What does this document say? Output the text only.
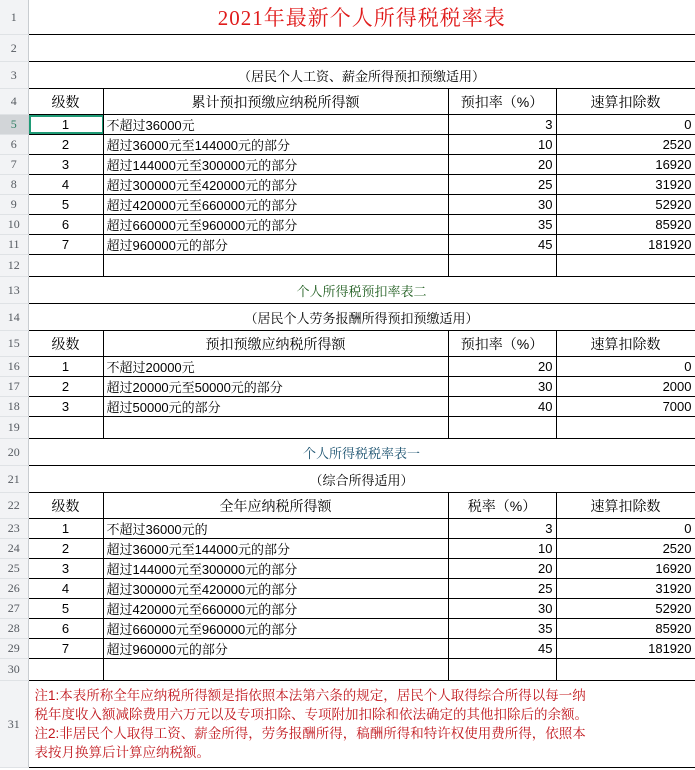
1	2021年最新个人所得税税率表			
2	个人所得税预扣率表一			
3	（居民个人工资、薪金所得预扣预缴适用）			
4	级数	累计预扣预缴应纳税所得额	预扣率（%）	速算扣除数
5	1	不超过36000元	3	0
6	2	超过36000元至144000元的部分	10	2520
7	3	超过144000元至300000元的部分	20	16920
8	4	超过300000元至420000元的部分	25	31920
9	5	超过420000元至660000元的部分	30	52920
10	6	超过660000元至960000元的部分	35	85920
11	7	超过960000元的部分	45	181920
12				
13	个人所得税预扣率表二			
14	（居民个人劳务报酬所得预扣预缴适用）			
15	级数	预扣预缴应纳税所得额	预扣率（%）	速算扣除数
16	1	不超过20000元	20	0
17	2	超过20000元至50000元的部分	30	2000
18	3	超过50000元的部分	40	7000
19				
20	个人所得税税率表一			
21	（综合所得适用）			
22	级数	全年应纳税所得额	税率（%）	速算扣除数
23	1	不超过36000元的	3	0
24	2	超过36000元至144000元的部分	10	2520
25	3	超过144000元至300000元的部分	20	16920
26	4	超过300000元至420000元的部分	25	31920
27	5	超过420000元至660000元的部分	30	52920
28	6	超过660000元至960000元的部分	35	85920
29	7	超过960000元的部分	45	181920
30				
31	注1:本表所称全年应纳税所得额是指依照本法第六条的规定，居民个人取得综合所得以每一纳
税年度收入额减除费用六万元以及专项扣除、专项附加扣除和依法确定的其他扣除后的余额。
注2:非居民个人取得工资、薪金所得，劳务报酬所得，稿酬所得和特许权使用费所得，依照本
表按月换算后计算应纳税额。			
